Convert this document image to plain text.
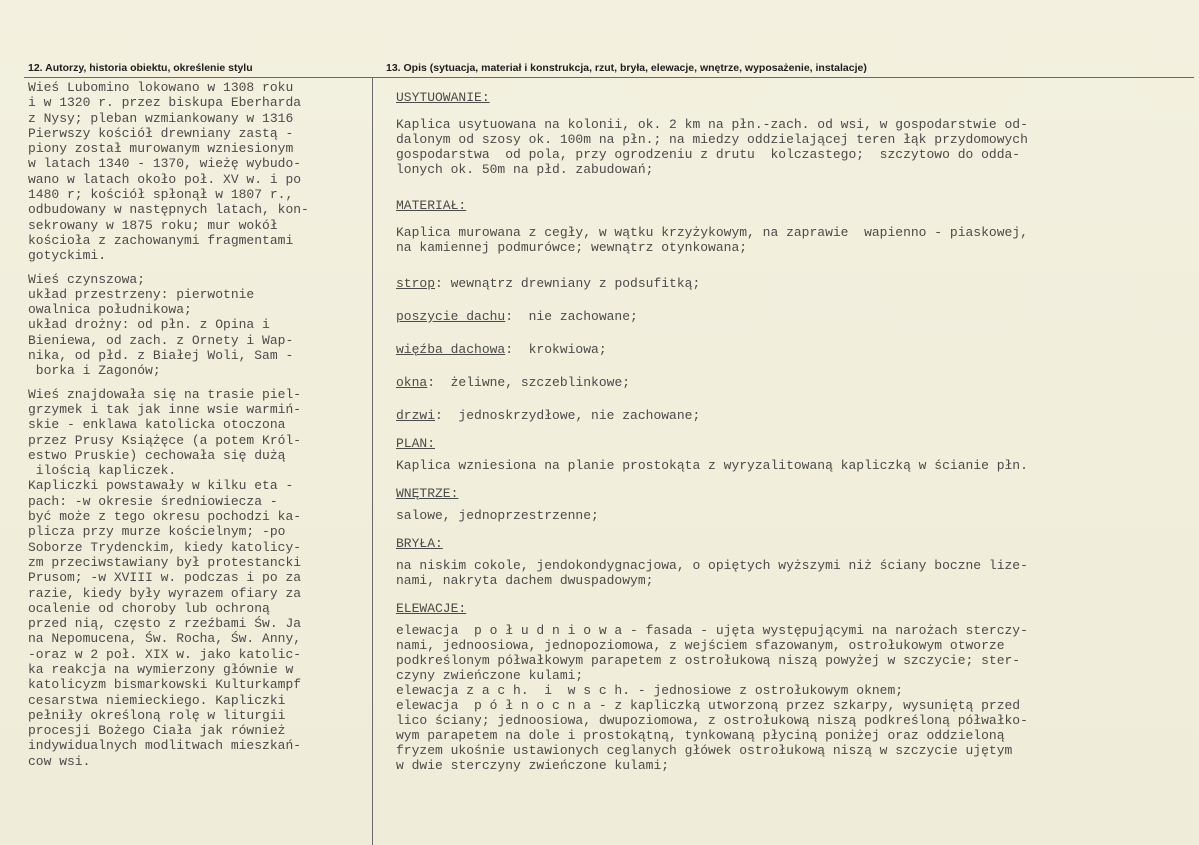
12. Autorzy, historia obiektu, określenie stylu	13. Opis (sytuacja, materiał i konstrukcja, rzut, bryła, elewacje, wnętrze, wyposażenie, instalacje)

Wieś Lubomino lokowano w 1308 roku
i w 1320 r. przez biskupa Eberharda
z Nysy; pleban wzmiankowany w 1316
Pierwszy kościół drewniany zastą -
piony został murowanym wzniesionym
w latach 1340 - 1370, wieżę wybudo-
wano w latach około poł. XV w. i po
1480 r; kościół spłonął w 1807 r.,
odbudowany w następnych latach, kon-
sekrowany w 1875 roku; mur wokół
kościoła z zachowanymi fragmentami
gotyckimi.

Wieś czynszowa;
układ przestrzeny: pierwotnie
owalnica południkowa;
układ drożny: od płn. z Opina i
Bieniewa, od zach. z Ornety i Wap-
nika, od płd. z Białej Woli, Sam -
borka i Zagonów;

Wieś znajdowała się na trasie piel-
grzymek i tak jak inne wsie warmiń-
skie - enklawa katolicka otoczona
przez Prusy Książęce (a potem Król-
estwo Pruskie) cechowała się dużą
ilością kapliczek.
Kapliczki powstawały w kilku eta -
pach: -w okresie średniowiecza -
być może z tego okresu pochodzi ka-
plicza przy murze kościelnym; -po
Soborze Trydenckim, kiedy katolicy-
zm przeciwstawiany był protestancki
Prusom; -w XVIII w. podczas i po za
razie, kiedy były wyrazem ofiary za
ocalenie od choroby lub ochroną
przed nią, często z rzeźbami Św. Ja
na Nepomucena, Św. Rocha, Św. Anny,
-oraz w 2 poł. XIX w. jako katolic-
ka reakcja na wymierzony głównie w
katolicyzm bismarkowski Kulturkampf
cesarstwa niemieckiego. Kapliczki
pełniły określoną rolę w liturgii
procesji Bożego Ciała jak również
indywidualnych modlitwach mieszkań-
cow wsi.

USYTUOWANIE:

Kaplica usytuowana na kolonii, ok. 2 km na płn.-zach. od wsi, w gospodarstwie od-
dalonym od szosy ok. 100m na płn.; na miedzy oddzielającej teren łąk przydomowych
gospodarstwa  od pola, przy ogrodzeniu z drutu  kolczastego;  szczytowo do odda-
lonych ok. 50m na płd. zabudowań;

MATERIAŁ:

Kaplica murowana z cegły, w wątku krzyżykowym, na zaprawie  wapienno - piaskowej,
na kamiennej podmurówce; wewnątrz otynkowana;

strop: wewnątrz drewniany z podsufitką;

poszycie dachu:  nie zachowane;

więźba dachowa:  krokwiowa;

okna:  żeliwne, szczeblinkowe;

drzwi:  jednoskrzydłowe, nie zachowane;

PLAN:

Kaplica wzniesiona na planie prostokąta z wyryzalitowaną kapliczką w ścianie płn.

WNĘTRZE:

salowe, jednoprzestrzenne;

BRYŁA:

na niskim cokole, jendokondygnacjowa, o opiętych wyższymi niż ściany boczne lize-
nami, nakryta dachem dwuspadowym;

ELEWACJE:

elewacja  p o ł u d n i o w a - fasada - ujęta występującymi na narożach sterczy-
nami, jednoosiowa, jednopoziomowa, z wejściem sfazowanym, ostrołukowym otworze
podkreślonym półwałkowym parapetem z ostrołukową niszą powyżej w szczycie; ster-
czyny zwieńczone kulami;
elewacja z a c h.  i  w s c h. - jednosiowe z ostrołukowym oknem;
elewacja  p ó ł n o c n a - z kapliczką utworzoną przez szkarpy, wysuniętą przed
lico ściany; jednoosiowa, dwupoziomowa, z ostrołukową niszą podkreśloną półwałko-
wym parapetem na dole i prostokątną, tynkowaną płyciną poniżej oraz oddzieloną
fryzem ukośnie ustawionych ceglanych główek ostrołukową niszą w szczycie ujętym
w dwie sterczyny zwieńczone kulami;
